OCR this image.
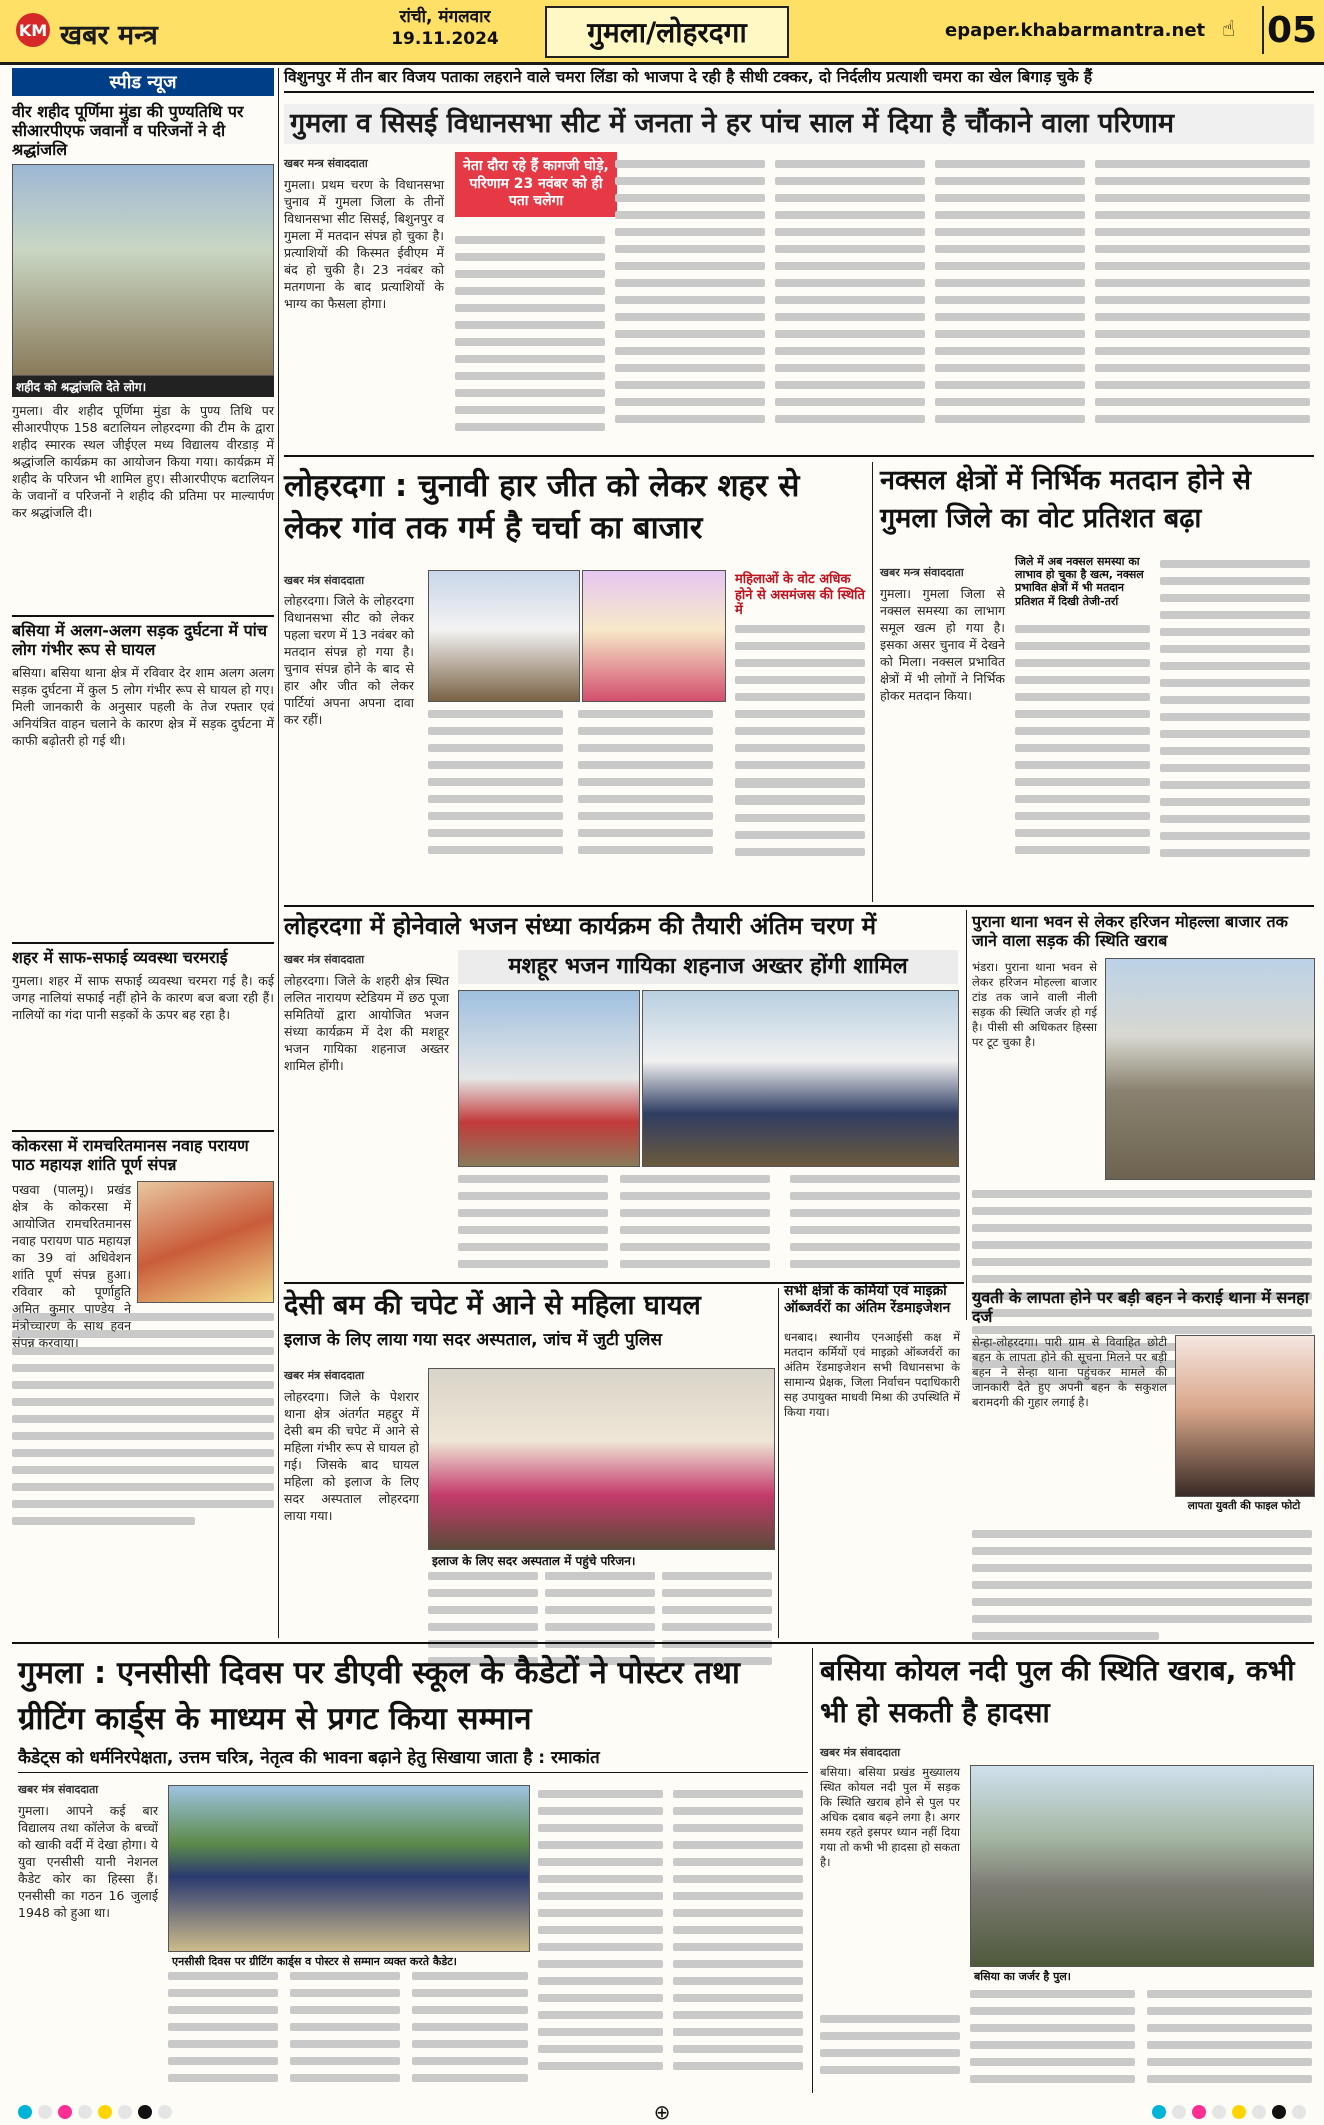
KM खबर मन्त्र
रांची, मंगलवार
19.11.2024	गुमला/लोहरदगा	epaper.khabarmantra.net ☝ 05
स्पीड न्यूज
वीर शहीद पूर्णिमा मुंडा की पुण्यतिथि पर सीआरपीएफ जवानों व परिजनों ने दी श्रद्धांजलि
शहीद को श्रद्धांजलि देते लोग।
गुमला। वीर शहीद पूर्णिमा मुंडा के पुण्य तिथि पर सीआरपीएफ 158 बटालियन लोहरदग्गा की टीम के द्वारा शहीद स्मारक स्थल जीईएल मध्य विद्यालय वीरडाड़ में श्रद्धांजलि कार्यक्रम का आयोजन किया गया। कार्यक्रम में शहीद के परिजन भी शामिल हुए। सीआरपीएफ बटालियन के जवानों व परिजनों ने शहीद की प्रतिमा पर माल्यार्पण कर श्रद्धांजलि दी।
बसिया में अलग-अलग सड़क दुर्घटना में पांच लोग गंभीर रूप से घायल
बसिया। बसिया थाना क्षेत्र में रविवार देर शाम अलग अलग सड़क दुर्घटना में कुल 5 लोग गंभीर रूप से घायल हो गए। मिली जानकारी के अनुसार पहली के तेज रफ्तार एवं अनियंत्रित वाहन चलाने के कारण क्षेत्र में सड़क दुर्घटना में काफी बढ़ोतरी हो गई थी।
शहर में साफ-सफाई व्यवस्था चरमराई
गुमला। शहर में साफ सफाई व्यवस्था चरमरा गई है। कई जगह नालियां सफाई नहीं होने के कारण बज बजा रही हैं। नालियों का गंदा पानी सड़कों के ऊपर बह रहा है।
कोकरसा में रामचरितमानस नवाह परायण पाठ महायज्ञ शांति पूर्ण संपन्न
पखवा (पालमू)। प्रखंड क्षेत्र के कोकरसा में आयोजित रामचरितमानस नवाह परायण पाठ महायज्ञ का 39 वां अधिवेशन शांति पूर्ण संपन्न हुआ। रविवार को पूर्णाहुति अमित कुमार पाण्डेय ने मंत्रोच्चारण के साथ हवन संपन्न करवाया।
विशुनपुर में तीन बार विजय पताका लहराने वाले चमरा लिंडा को भाजपा दे रही है सीधी टक्कर, दो निर्दलीय प्रत्याशी चमरा का खेल बिगाड़ चुके हैं
गुमला व सिसई विधानसभा सीट में जनता ने हर पांच साल में दिया है चौंकाने वाला परिणाम
खबर मन्त्र संवाददाता	नेता दौरा रहे हैं कागजी घोड़े, परिणाम 23 नवंबर को ही पता चलेगा
गुमला। प्रथम चरण के विधानसभा चुनाव में गुमला जिला के तीनों विधानसभा सीट सिसई, बिशुनपुर व गुमला में मतदान संपन्न हो चुका है। प्रत्याशियों की किस्मत ईवीएम में बंद हो चुकी है। 23 नवंबर को मतगणना के बाद प्रत्याशियों के भाग्य का फैसला होगा।
लोहरदगा : चुनावी हार जीत को लेकर शहर से लेकर गांव तक गर्म है चर्चा का बाजार
खबर मंत्र संवाददाता
लोहरदगा। जिले के लोहरदगा विधानसभा सीट को लेकर पहला चरण में 13 नवंबर को मतदान संपन्न हो गया है। चुनाव संपन्न होने के बाद से हार और जीत को लेकर पार्टियां अपना अपना दावा कर रहीं।
महिलाओं के वोट अधिक होने से असमंजस की स्थिति में
नक्सल क्षेत्रों में निर्भिक मतदान होने से गुमला जिले का वोट प्रतिशत बढ़ा
खबर मन्त्र संवाददाता
जिले में अब नक्सल समस्या का लाभाव हो चुका है खत्म, नक्सल प्रभावित क्षेत्रों में भी मतदान प्रतिशत में दिखी तेजी-तर्रा
गुमला। गुमला जिला से नक्सल समस्या का लाभाग समूल खत्म हो गया है। इसका असर चुनाव में देखने को मिला। नक्सल प्रभावित क्षेत्रों में भी लोगों ने निर्भिक होकर मतदान किया।
लोहरदगा में होनेवाले भजन संध्या कार्यक्रम की तैयारी अंतिम चरण में
खबर मंत्र संवाददाता	मशहूर भजन गायिका शहनाज अख्तर होंगी शामिल
लोहरदगा। जिले के शहरी क्षेत्र स्थित ललित नारायण स्टेडियम में छठ पूजा समितियों द्वारा आयोजित भजन संध्या कार्यक्रम में देश की मशहूर भजन गायिका शहनाज अख्तर शामिल होंगी।
पुराना थाना भवन से लेकर हरिजन मोहल्ला बाजार तक जाने वाला सड़क की स्थिति खराब
भंडरा। पुराना थाना भवन से लेकर हरिजन मोहल्ला बाजार टांड तक जाने वाली नीली सड़क की स्थिति जर्जर हो गई है। पीसी सी अधिकतर हिस्सा पर टूट चुका है।
देसी बम की चपेट में आने से महिला घायल
इलाज के लिए लाया गया सदर अस्पताल, जांच में जुटी पुलिस
खबर मंत्र संवाददाता
लोहरदगा। जिले के पेशरार थाना क्षेत्र अंतर्गत महद्दुर में देसी बम की चपेट में आने से महिला गंभीर रूप से घायल हो गई। जिसके बाद घायल महिला को इलाज के लिए सदर अस्पताल लोहरदगा लाया गया।
इलाज के लिए सदर अस्पताल में पहुंचे परिजन।
सभी क्षेत्रों के कर्मियों एवं माइक्रो ऑब्जर्वरों का अंतिम रेंडमाइजेशन
धनबाद। स्थानीय एनआईसी कक्ष में मतदान कर्मियों एवं माइक्रो ऑब्जर्वरों का अंतिम रेंडमाइजेशन सभी विधानसभा के सामान्य प्रेक्षक, जिला निर्वाचन पदाधिकारी सह उपायुक्त माधवी मिश्रा की उपस्थिति में किया गया।
युवती के लापता होने पर बड़ी बहन ने कराई थाना में सनहा दर्ज
सेन्हा-लोहरदगा। पारी ग्राम से विवाहित छोटी बहन के लापता होने की सूचना मिलने पर बड़ी बहन ने सेन्हा थाना पहुंचकर मामले की जानकारी देते हुए अपनी बहन के सकुशल बरामदगी की गुहार लगाई है।
लापता युवती की फाइल फोटो
गुमला : एनसीसी दिवस पर डीएवी स्कूल के कैडेटों ने पोस्टर तथा ग्रीटिंग कार्ड्स के माध्यम से प्रगट किया सम्मान
कैडेट्स को धर्मनिरपेक्षता, उत्तम चरित्र, नेतृत्व की भावना बढ़ाने हेतु सिखाया जाता है : रमाकांत
खबर मंत्र संवाददाता
गुमला। आपने कई बार विद्यालय तथा कॉलेज के बच्चों को खाकी वर्दी में देखा होगा। ये युवा एनसीसी यानी नेशनल कैडेट कोर का हिस्सा हैं। एनसीसी का गठन 16 जुलाई 1948 को हुआ था।
एनसीसी दिवस पर ग्रीटिंग कार्ड्स व पोस्टर से सम्मान व्यक्त करते कैडेट।
बसिया कोयल नदी पुल की स्थिति खराब, कभी भी हो सकती है हादसा
खबर मंत्र संवाददाता
बसिया। बसिया प्रखंड मुख्यालय स्थित कोयल नदी पुल में सड़क कि स्थिति खराब होने से पुल पर अधिक दबाव बढ़ने लगा है। अगर समय रहते इसपर ध्यान नहीं दिया गया तो कभी भी हादसा हो सकता है।
बसिया का जर्जर है पुल।
⊕
